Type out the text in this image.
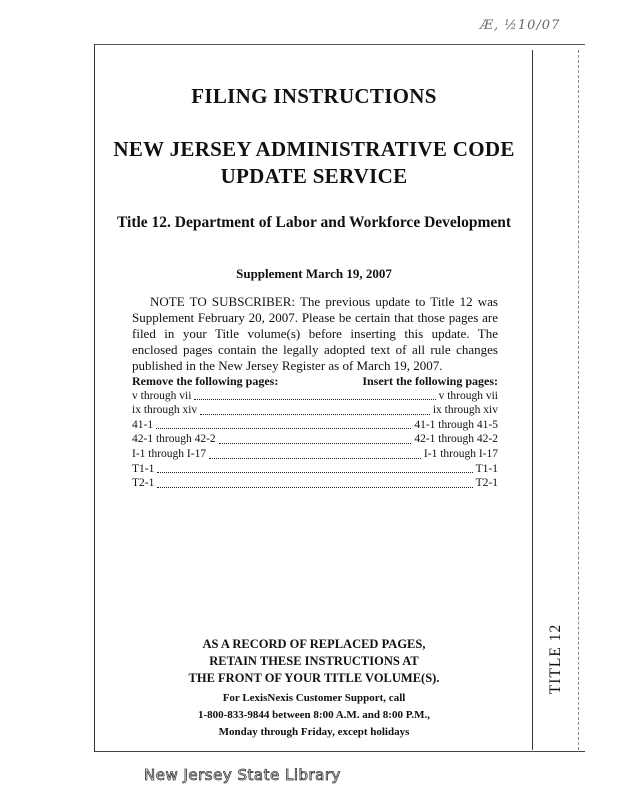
Æ, ½10/07
FILING INSTRUCTIONS
NEW JERSEY ADMINISTRATIVE CODE
UPDATE SERVICE
Title 12. Department of Labor and Workforce Development
Supplement March 19, 2007
NOTE TO SUBSCRIBER: The previous update to Title 12 was Supplement February 20, 2007. Please be certain that those pages are filed in your Title volume(s) before inserting this update. The enclosed pages contain the legally adopted text of all rule changes published in the New Jersey Register as of March 19, 2007.
Remove the following pages:	Insert the following pages:
v through vii	v through vii
ix through xiv	ix through xiv
41-1	41-1 through 41-5
42-1 through 42-2	42-1 through 42-2
I-1 through I-17	I-1 through I-17
T1-1	T1-1
T2-1	T2-1
AS A RECORD OF REPLACED PAGES,
RETAIN THESE INSTRUCTIONS AT
THE FRONT OF YOUR TITLE VOLUME(S).
For LexisNexis Customer Support, call
1-800-833-9844 between 8:00 A.M. and 8:00 P.M.,
Monday through Friday, except holidays
TITLE 12
New Jersey State Library
